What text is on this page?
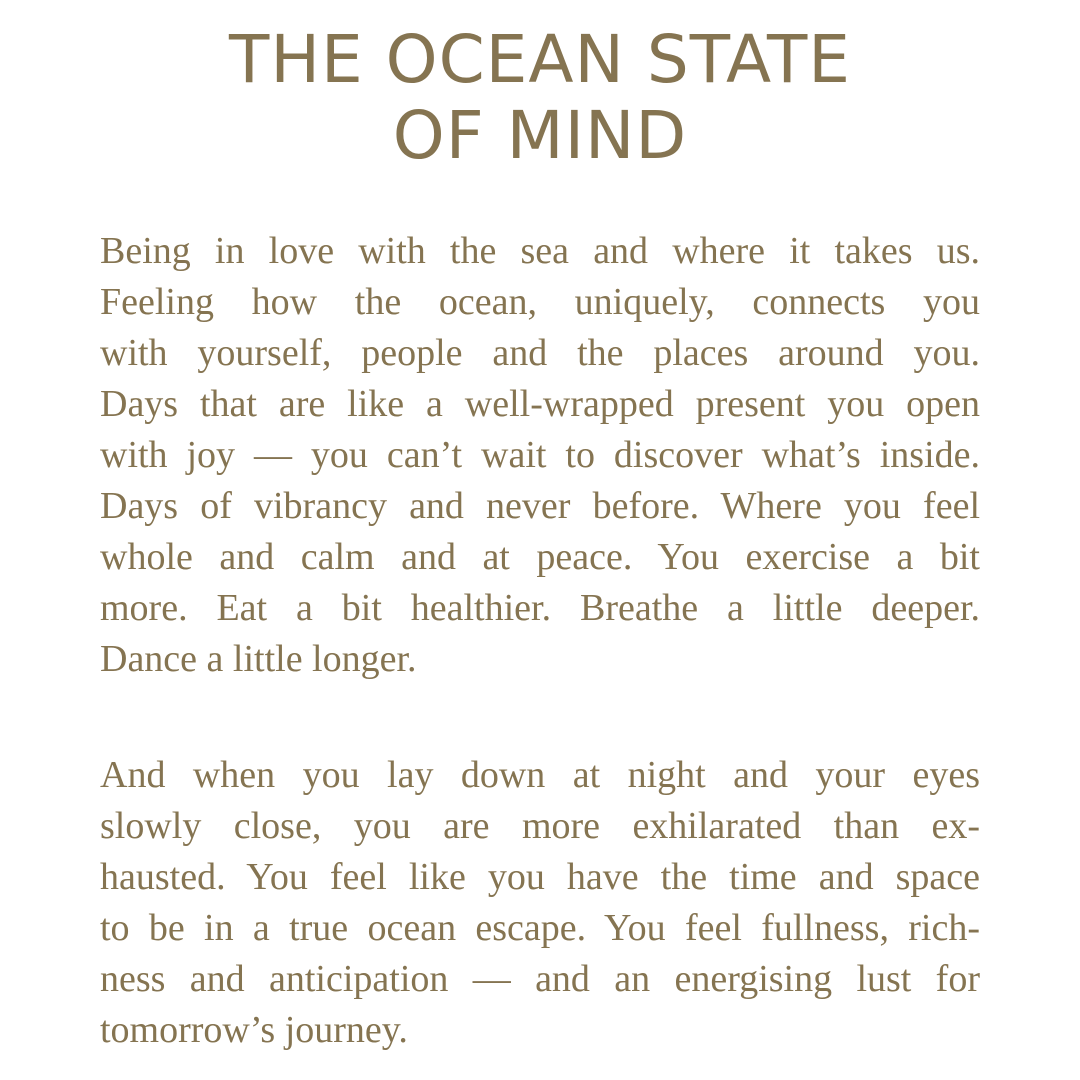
THE OCEAN STATE
OF MIND

Being in love with the sea and where it takes us.
Feeling how the ocean, uniquely, connects you
with yourself, people and the places around you.
Days that are like a well-wrapped present you open
with joy — you can’t wait to discover what’s inside.
Days of vibrancy and never before. Where you feel
whole and calm and at peace. You exercise a bit
more. Eat a bit healthier. Breathe a little deeper.
Dance a little longer.

And when you lay down at night and your eyes
slowly close, you are more exhilarated than ex-
hausted. You feel like you have the time and space
to be in a true ocean escape. You feel fullness, rich-
ness and anticipation — and an energising lust for
tomorrow’s journey.
